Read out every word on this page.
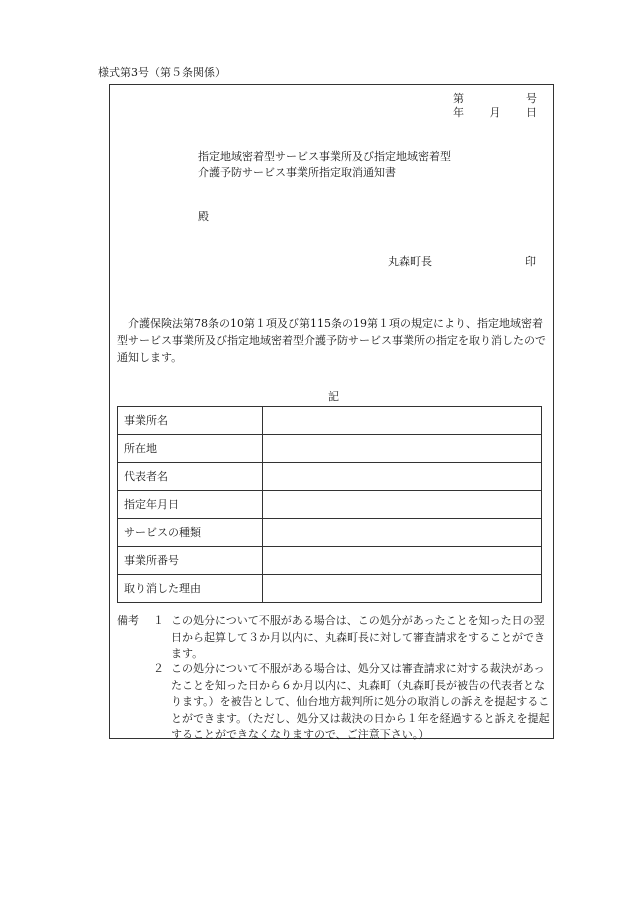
様式第3号（第５条関係）
第	号
年 月 日
指定地域密着型サービス事業所及び指定地域密着型
介護予防サービス事業所指定取消通知書
殿
丸森町長	印
介護保険法第78条の10第１項及び第115条の19第１項の規定により、指定地域密着型サービス事業所及び指定地域密着型介護予防サービス事業所の指定を取り消したので通知します。
記
事業所名	
所在地	
代表者名	
指定年月日	
サービスの種類	
事業所番号	
取り消した理由	
備考 １ この処分について不服がある場合は、この処分があったことを知った日の翌日から起算して３か月以内に、丸森町長に対して審査請求をすることができます。
２ この処分について不服がある場合は、処分又は審査請求に対する裁決があったことを知った日から６か月以内に、丸森町（丸森町長が被告の代表者となります。）を被告として、仙台地方裁判所に処分の取消しの訴えを提起することができます。（ただし、処分又は裁決の日から１年を経過すると訴えを提起することができなくなりますので、ご注意下さい。）
